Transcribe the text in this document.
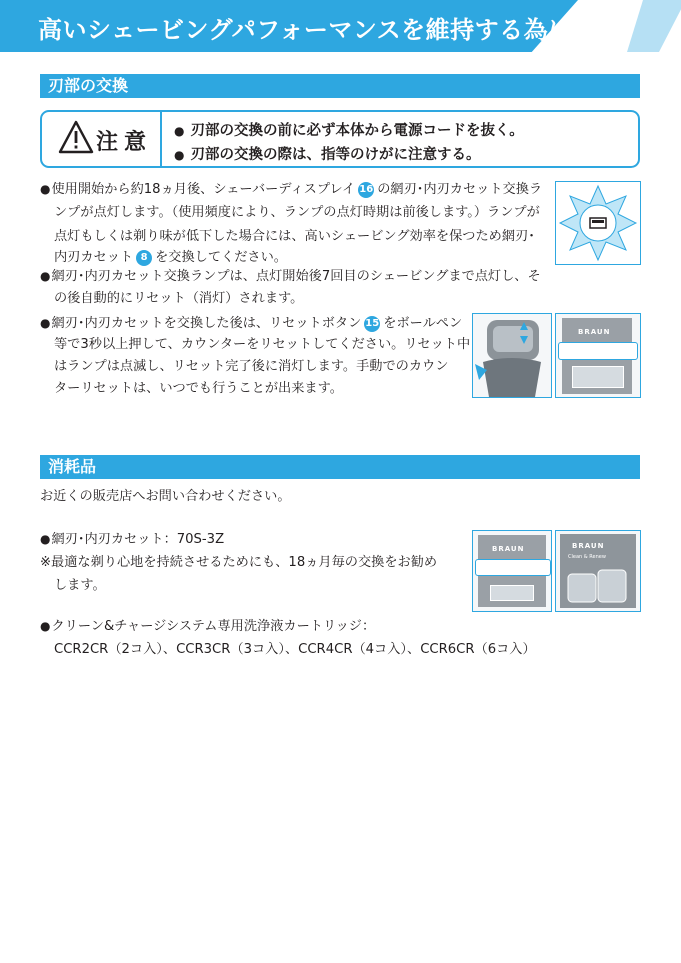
高いシェービングパフォーマンスを維持する為に
刃部の交換
注意 ● 刃部の交換の前に必ず本体から電源コードを抜く。
● 刃部の交換の際は、指等のけがに注意する。
●使用開始から約18ヵ月後、シェーバーディスプレイ 16 の網刃･内刃カセット交換ラ
ンプが点灯します。（使用頻度により、ランプの点灯時期は前後します。）ランプが
点灯もしくは剃り味が低下した場合には、高いシェービング効率を保つため網刃･
内刃カセット 8 を交換してください。
●網刃･内刃カセット交換ランプは、点灯開始後7回目のシェービングまで点灯し、そ
の後自動的にリセット（消灯）されます。
●網刃･内刃カセットを交換した後は、リセットボタン 15 をボールペン
等で3秒以上押して、カウンターをリセットしてください。リセット中
はランプは点滅し、リセット完了後に消灯します。手動でのカウン
ターリセットは、いつでも行うことが出来ます。
BRAUN
消耗品
お近くの販売店へお問い合わせください。
●網刃･内刃カセット：70S-3Z
※最適な剃り心地を持続させるためにも、18ヵ月毎の交換をお勧め
します。
●クリーン&チャージシステム専用洗浄液カートリッジ：
CCR2CR（2コ入）、CCR3CR（3コ入）、CCR4CR（4コ入）、CCR6CR（6コ入）
BRAUN	BRAUN
Clean & Renew
